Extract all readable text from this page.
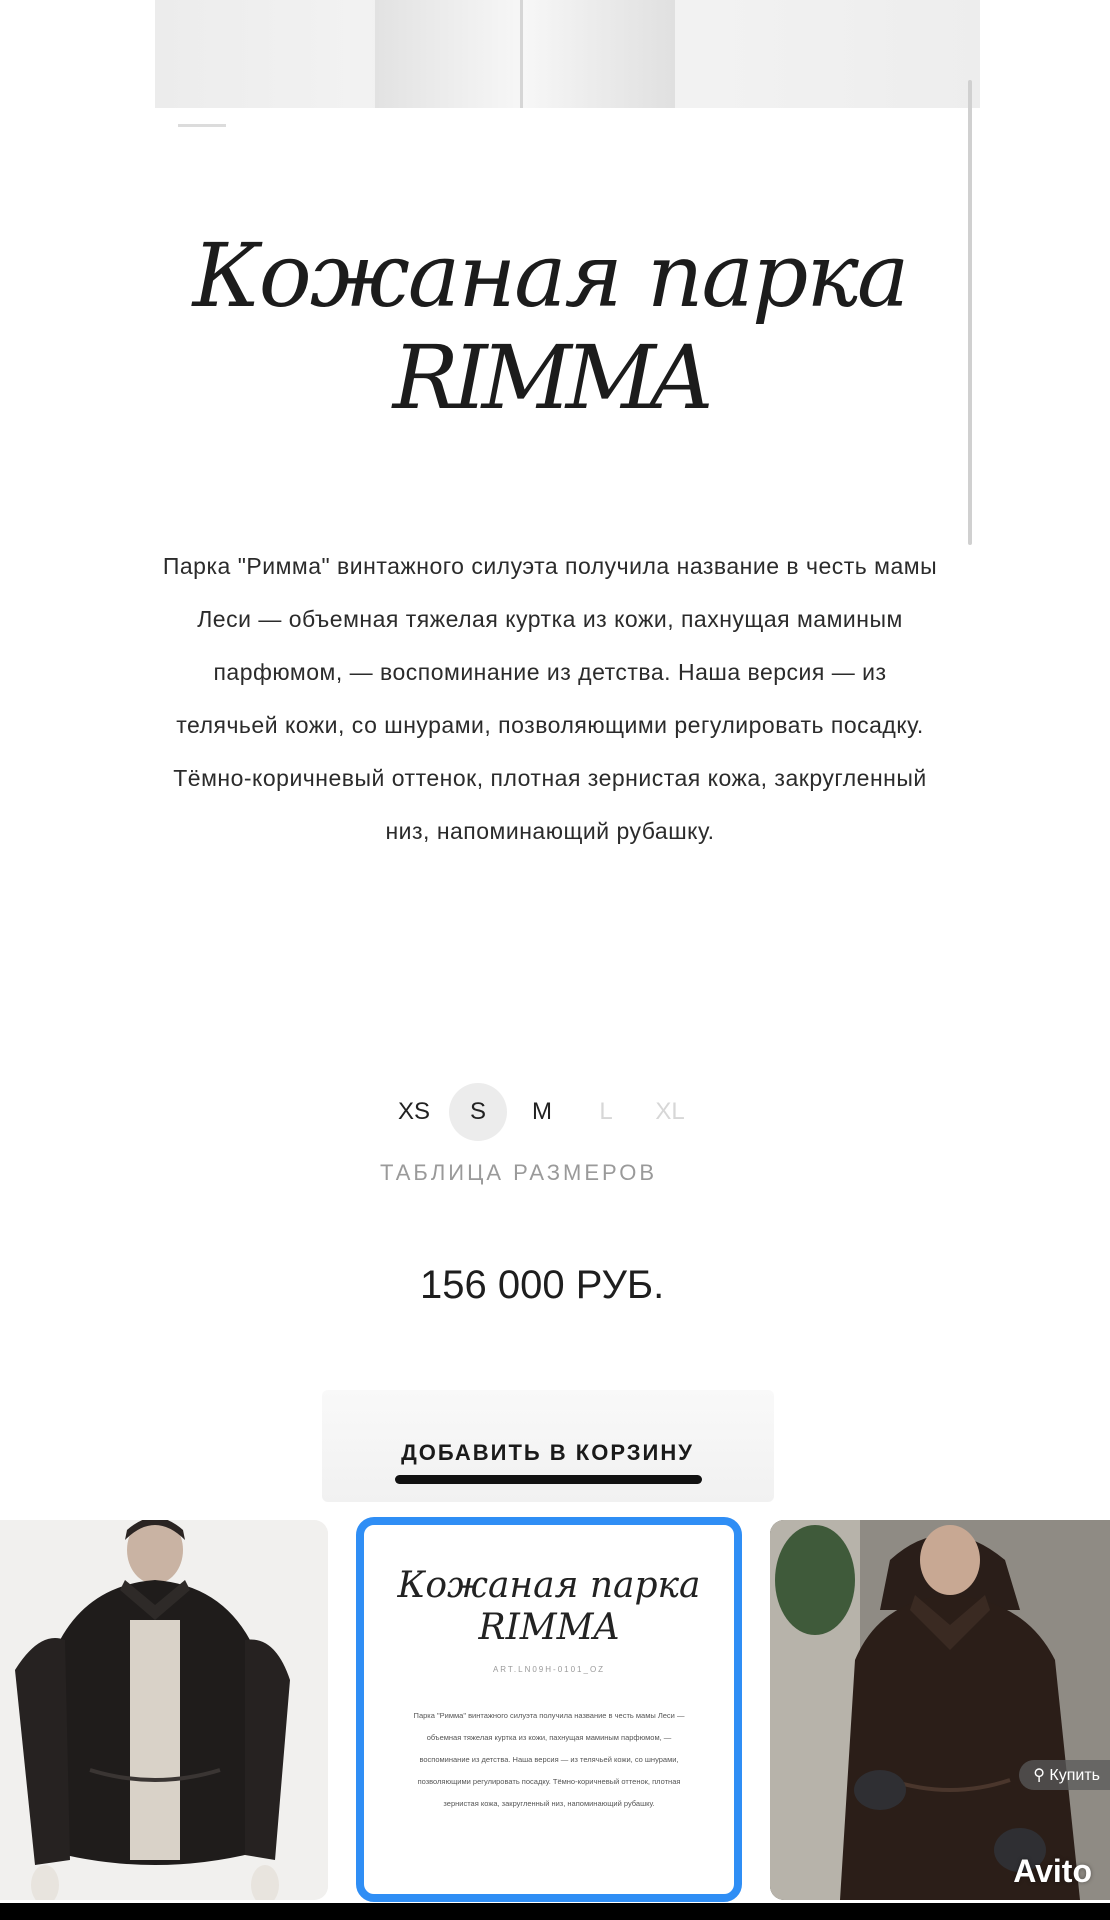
Кожаная парка
RIMMA

Парка "Римма" винтажного силуэта получила название в честь мамы Леси — объемная тяжелая куртка из кожи, пахнущая маминым парфюмом, — воспоминание из детства. Наша версия — из телячьей кожи, со шнурами, позволяющими регулировать посадку. Тёмно-коричневый оттенок, плотная зернистая кожа, закругленный низ, напоминающий рубашку.

XS	S	M	L	XL
ТАБЛИЦА РАЗМЕРОВ
156 000 РУБ.
ДОБАВИТЬ В КОРЗИНУ
Кожаная парка
RIMMA
ART.LN09H-0101_OZ
Парка "Римма" винтажного силуэта получила название в честь мамы Леси — объемная тяжелая куртка из кожи, пахнущая маминым парфюмом, — воспоминание из детства. Наша версия — из телячьей кожи, со шнурами, позволяющими регулировать посадку. Тёмно-коричневый оттенок, плотная зернистая кожа, закругленный низ, напоминающий рубашку.
⚲ Купить
Avito
